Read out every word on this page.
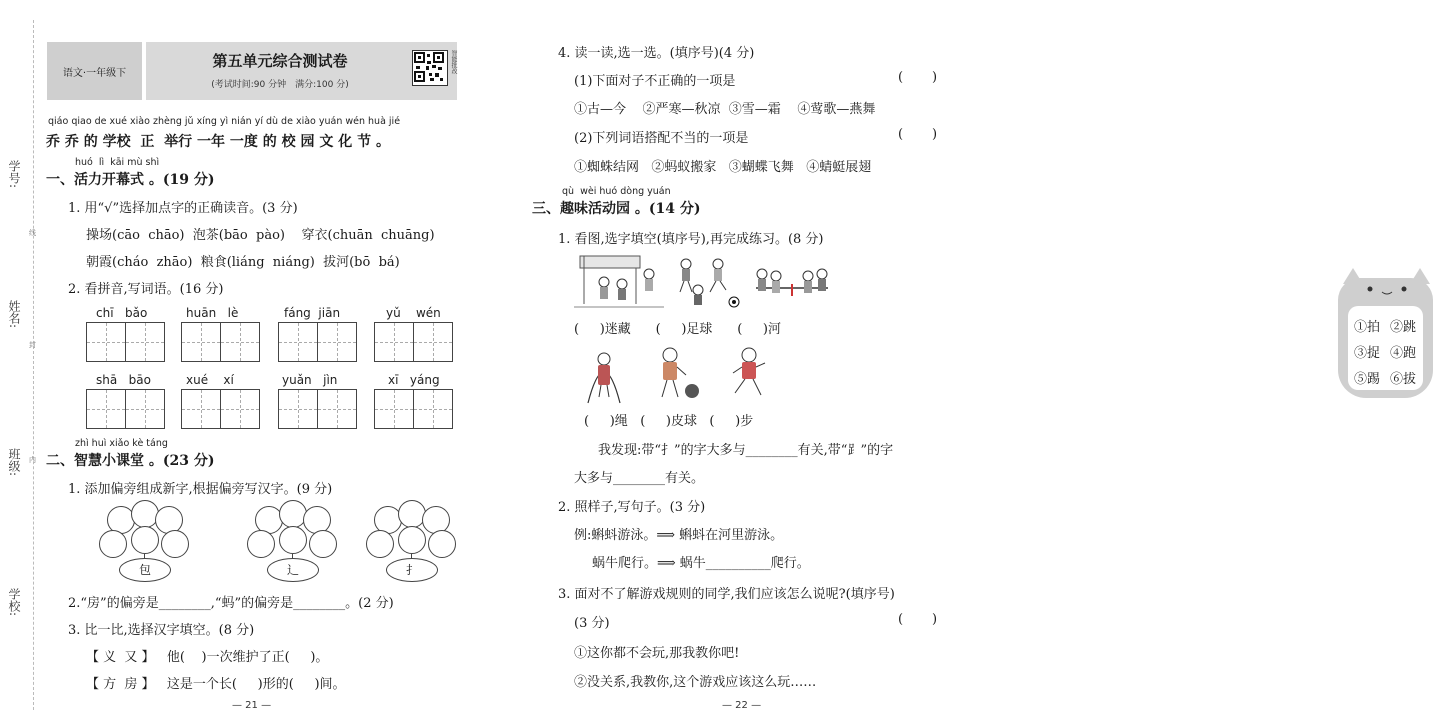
学校:
班级:
姓名:
学号:
线
封
内
语文·一年级下
第五单元综合测试卷
(考试时间:90 分钟　满分:100 分)
智能批改
qiáo qiao de xué xiào zhèng jǔ xíng yì nián yí dù de xiào yuán wén huà jié
乔 乔 的 学校  正  举行 一年 一度 的 校 园 文 化 节 。
huó  lì  kāi mù shì
一、活力开幕式 。(19 分)
1. 用“√”选择加点字的正确读音。(3 分)
操场(cāo  chāo)  泡茶(bāo  pào)    穿衣(chuān  chuāng)
朝霞(cháo  zhāo)  粮食(liáng  niáng)  拔河(bō  bá)
2. 看拼音,写词语。(16 分)
chī   bǎo	huān   lè	fáng  jiān	yǔ    wén
shā   bāo	xué    xí	yuǎn   jìn	xī   yáng
zhì huì xiǎo kè táng
二、智慧小课堂 。(23 分)
1. 添加偏旁组成新字,根据偏旁写汉字。(9 分)
包	辶	扌
2.“房”的偏旁是________,“蚂”的偏旁是________。(2 分)
3. 比一比,选择汉字填空。(8 分)
【 义  又 】   他(    )一次维护了正(     )。
【 方  房 】   这是一个长(     )形的(     )间。
— 21 —
4. 读一读,选一选。(填序号)(4 分)
(1)下面对子不正确的一项是	(       )
①古—今    ②严寒—秋凉  ③雪—霜    ④莺歌—燕舞
(2)下列词语搭配不当的一项是	(       )
①蜘蛛结网   ②蚂蚁搬家   ③蝴蝶飞舞   ④蜻蜓展翅
qù  wèi huó dòng yuán
三、趣味活动园 。(14 分)
1. 看图,选字填空(填序号),再完成练习。(8 分)
(     )迷藏      (     )足球      (     )河
(     )绳   (     )皮球   (     )步
①拍 ②跳
③捉 ④跑
⑤踢 ⑥拔
我发现:带“扌”的字大多与________有关,带“⻊”的字
大多与________有关。
2. 照样子,写句子。(3 分)
例:蝌蚪游泳。⟹ 蝌蚪在河里游泳。
蜗牛爬行。⟹ 蜗牛__________爬行。
3. 面对不了解游戏规则的同学,我们应该怎么说呢?(填序号)
(3 分)	(       )
①这你都不会玩,那我教你吧!
②没关系,我教你,这个游戏应该这么玩……
— 22 —
